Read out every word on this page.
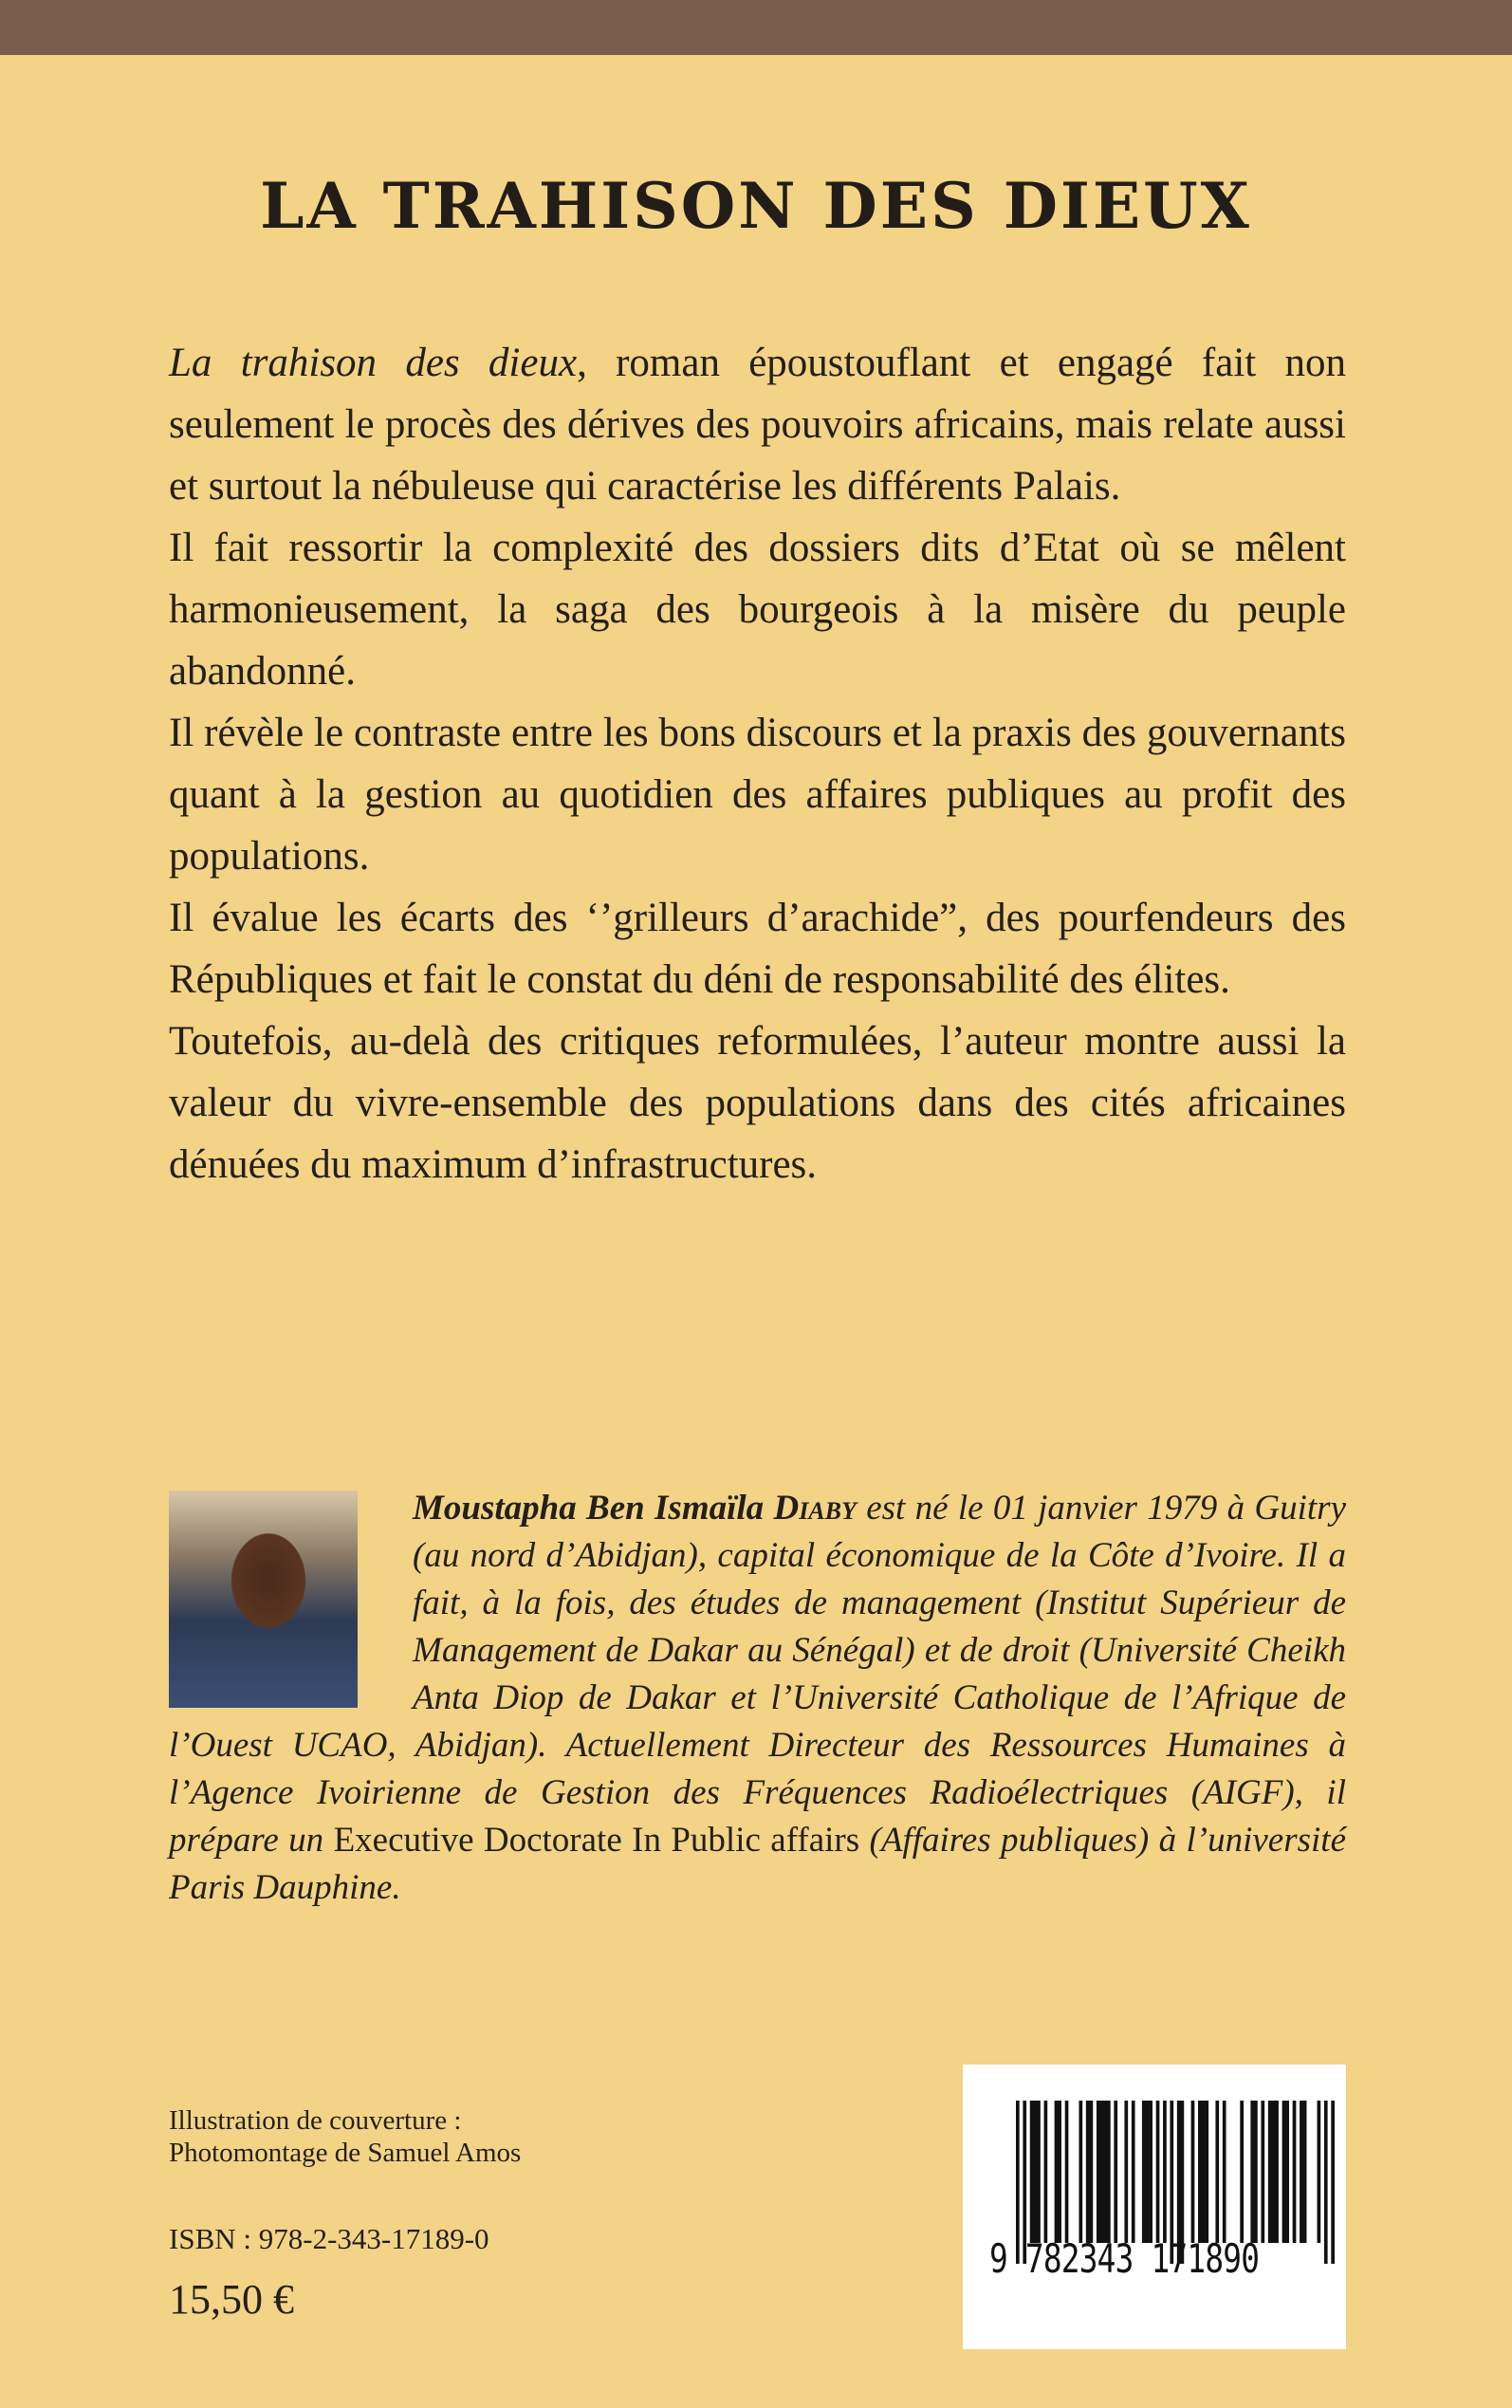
LA TRAHISON DES DIEUX

La trahison des dieux, roman époustouflant et engagé fait non seulement le procès des dérives des pouvoirs africains, mais relate aussi et surtout la nébuleuse qui caractérise les différents Palais.

Il fait ressortir la complexité des dossiers dits d’Etat où se mêlent harmonieusement, la saga des bourgeois à la misère du peuple abandonné.

Il révèle le contraste entre les bons discours et la praxis des gouvernants quant à la gestion au quotidien des affaires publiques au profit des populations.

Il évalue les écarts des ‘’grilleurs d’arachide”, des pourfendeurs des Républiques et fait le constat du déni de responsabilité des élites.

Toutefois, au-delà des critiques reformulées, l’auteur montre aussi la valeur du vivre-ensemble des populations dans des cités africaines dénuées du maximum d’infrastructures.

Moustapha Ben Ismaïla Diaby est né le 01 janvier 1979 à Guitry (au nord d’Abidjan), capital économique de la Côte d’Ivoire. Il a fait, à la fois, des études de management (Institut Supérieur de Management de Dakar au Sénégal) et de droit (Université Cheikh Anta Diop de Dakar et l’Université Catholique de l’Afrique de l’Ouest UCAO, Abidjan). Actuellement Directeur des Ressources Humaines à l’Agence Ivoirienne de Gestion des Fréquences Radioélectriques (AIGF), il prépare un Executive Doctorate In Public affairs (Affaires publiques) à l’université Paris Dauphine.
Illustration de couverture :
Photomontage de Samuel Amos
ISBN : 978-2-343-17189-0
15,50 €
9 782343 171890
